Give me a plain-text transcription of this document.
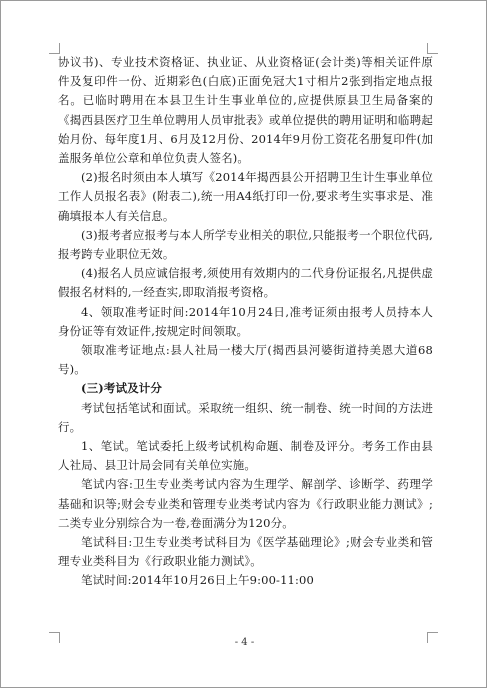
协议书)、专业技术资格证、执业证、从业资格证(会计类)等相关证件原件及复印件一份、近期彩色(白底)正面免冠大1寸相片2张到指定地点报名。已临时聘用在本县卫生计生事业单位的,应提供原县卫生局备案的《揭西县医疗卫生单位聘用人员审批表》或单位提供的聘用证明和临聘起始月份、每年度1月、6月及12月份、2014年9月份工资花名册复印件(加盖服务单位公章和单位负责人签名)。

(2)报名时须由本人填写《2014年揭西县公开招聘卫生计生事业单位工作人员报名表》(附表二),统一用A4纸打印一份,要求考生实事求是、准确填报本人有关信息。

(3)报考者应报考与本人所学专业相关的职位,只能报考一个职位代码,报考跨专业职位无效。

(4)报名人员应诚信报考,须使用有效期内的二代身份证报名,凡提供虚假报名材料的,一经查实,即取消报考资格。

4、领取准考证时间:2014年10月24日,准考证须由报考人员持本人身份证等有效证件,按规定时间领取。

领取准考证地点:县人社局一楼大厅(揭西县河婆街道持美恩大道68号)。

(三)考试及计分

考试包括笔试和面试。采取统一组织、统一制卷、统一时间的方法进行。

1、笔试。笔试委托上级考试机构命题、制卷及评分。考务工作由县人社局、县卫计局会同有关单位实施。

笔试内容:卫生专业类考试内容为生理学、解剖学、诊断学、药理学基础和识等;财会专业类和管理专业类考试内容为《行政职业能力测试》;二类专业分别综合为一卷,卷面满分为120分。

笔试科目:卫生专业类考试科目为《医学基础理论》;财会专业类和管理专业类科目为《行政职业能力测试》。

笔试时间:2014年10月26日上午9:00-11:00

- 4 -
